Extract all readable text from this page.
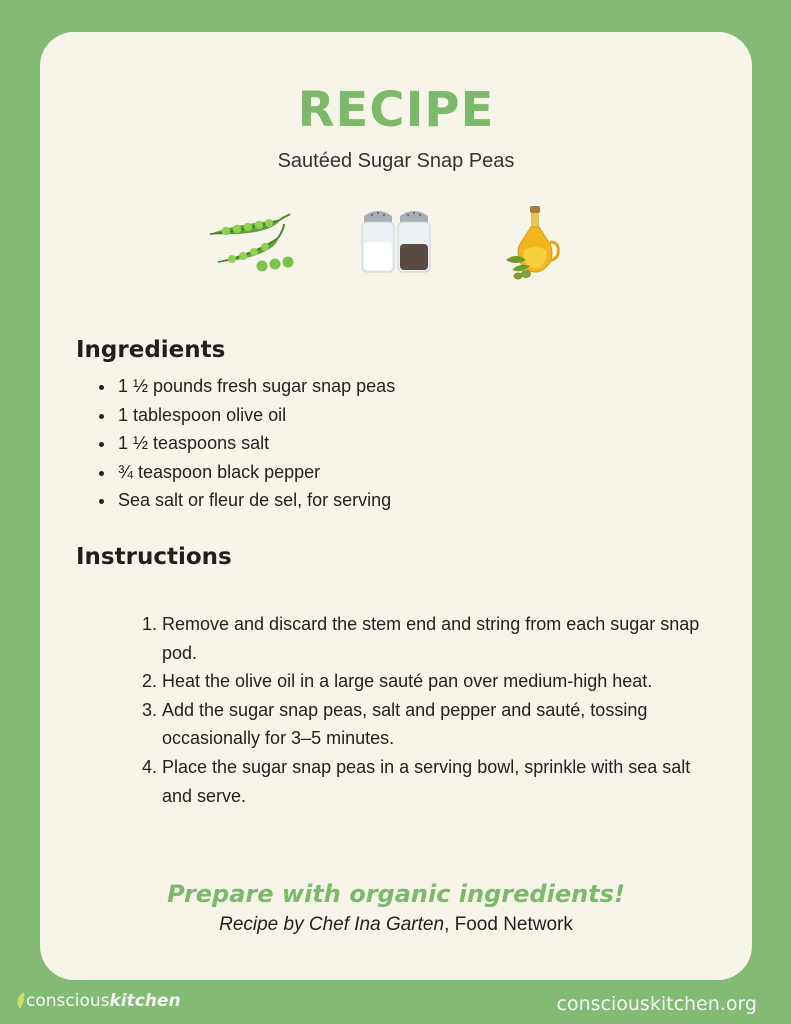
RECIPE
Sautéed Sugar Snap Peas
Ingredients
• 1 ½ pounds fresh sugar snap peas
• 1 tablespoon olive oil
• 1 ½ teaspoons salt
• ¾ teaspoon black pepper
• Sea salt or fleur de sel, for serving
Instructions
1. Remove and discard the stem end and string from each sugar snap pod.
2. Heat the olive oil in a large sauté pan over medium-high heat.
3. Add the sugar snap peas, salt and pepper and sauté, tossing occasionally for 3–5 minutes.
4. Place the sugar snap peas in a serving bowl, sprinkle with sea salt and serve.
Prepare with organic ingredients!
Recipe by Chef Ina Garten, Food Network
consciouskitchen	consciouskitchen.org
